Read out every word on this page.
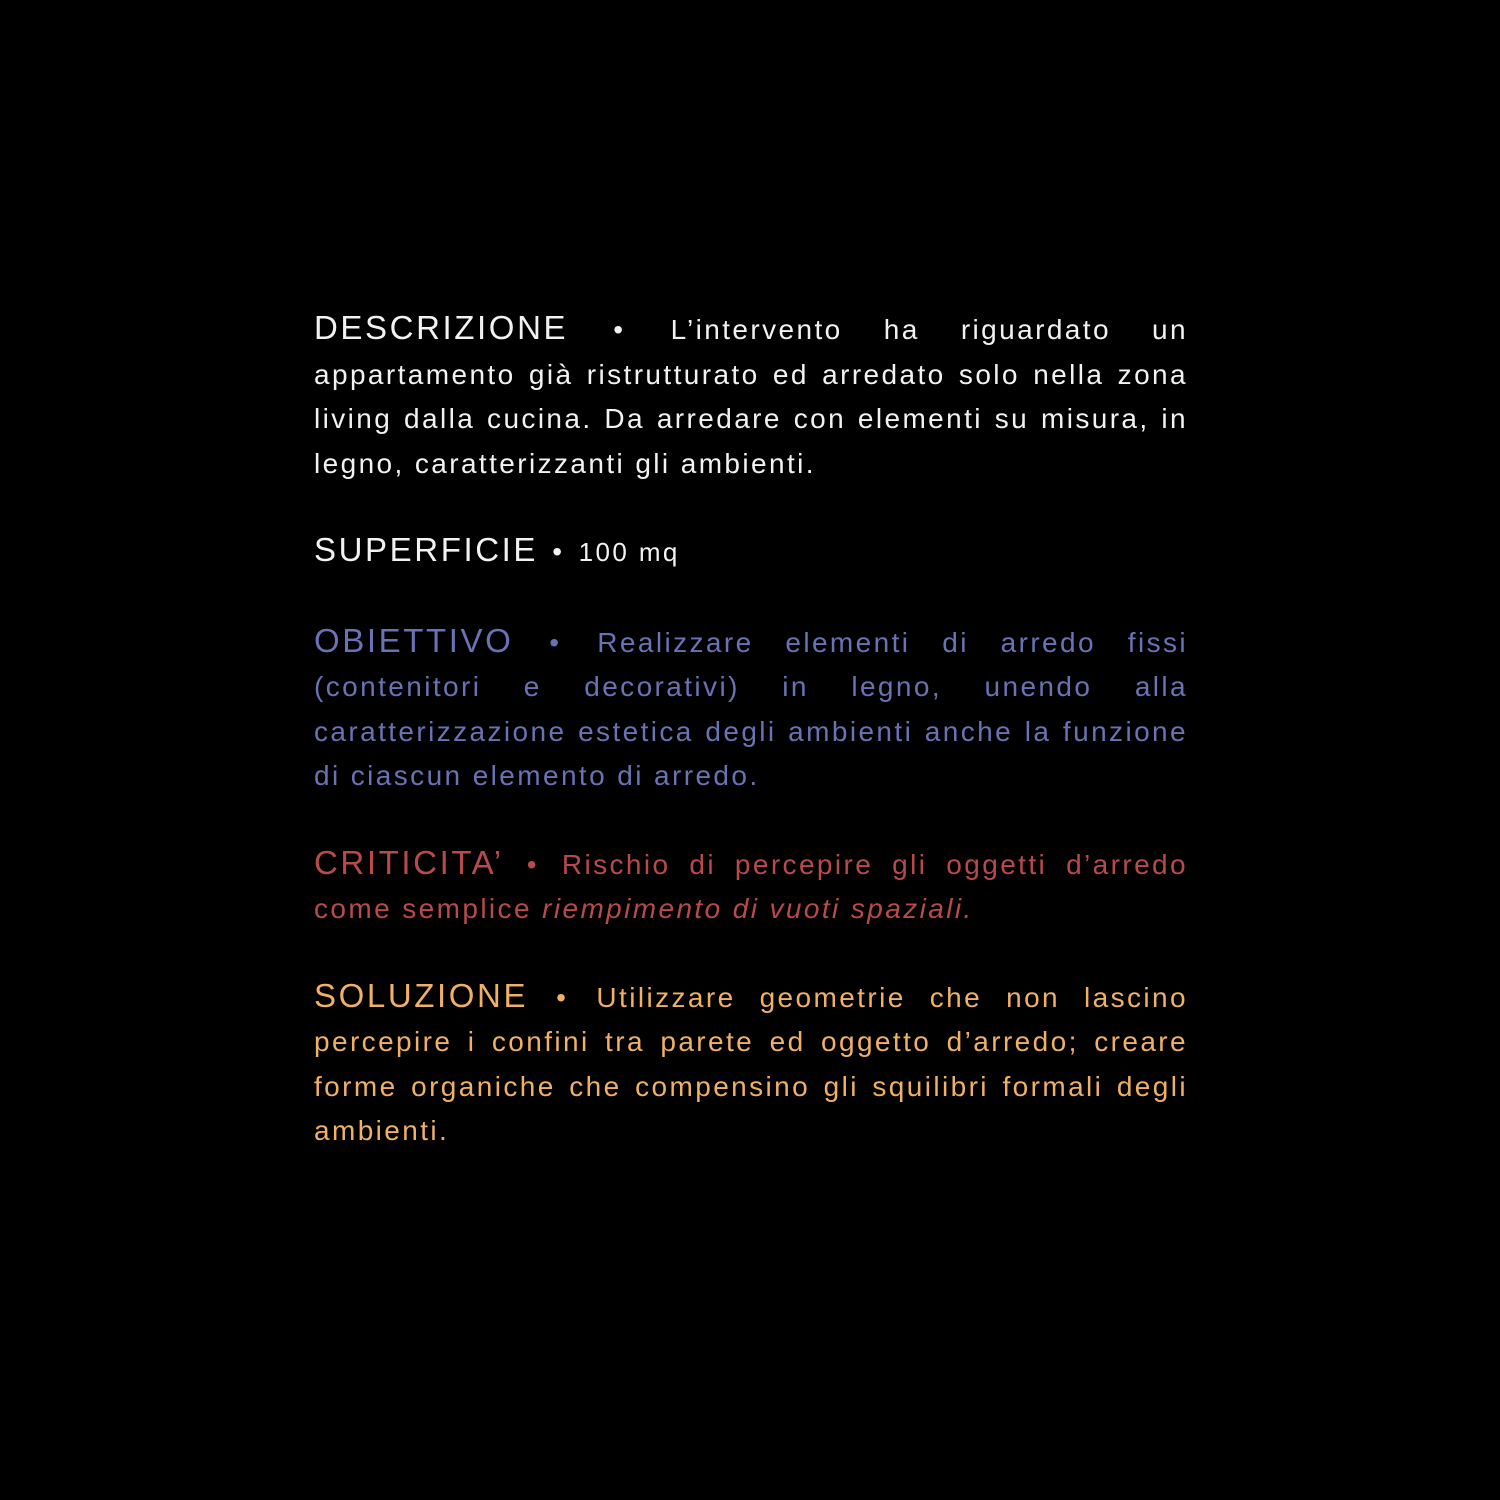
DESCRIZIONE • L’intervento ha riguardato un appartamento già ristrutturato ed arredato solo nella zona living dalla cucina. Da arredare con elementi su misura, in legno, caratterizzanti gli ambienti.

SUPERFICIE • 100 mq

OBIETTIVO • Realizzare elementi di arredo fissi (contenitori e decorativi) in legno, unendo alla caratterizzazione estetica degli ambienti anche la funzione di ciascun elemento di arredo.

CRITICITA’ • Rischio di percepire gli oggetti d’arredo come semplice riempimento di vuoti spaziali.

SOLUZIONE • Utilizzare geometrie che non lascino percepire i confini tra parete ed oggetto d’arredo; creare forme organiche che compensino gli squilibri formali degli ambienti.
